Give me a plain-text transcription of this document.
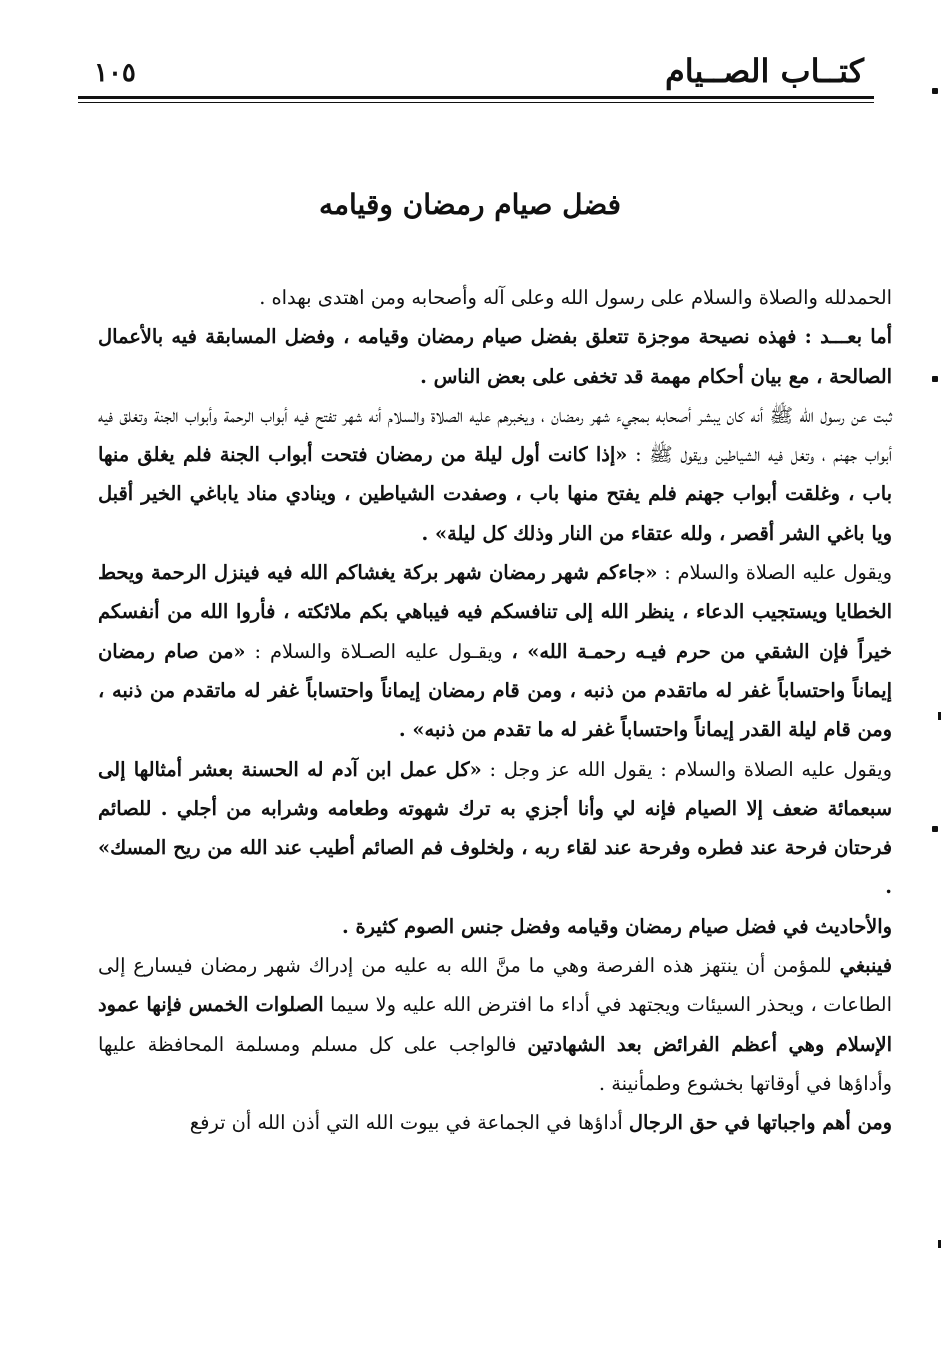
كتــاب الصــيام
١٠٥
فضل صيام رمضان وقيامه

الحمدلله والصلاة والسلام على رسول الله وعلى آله وأصحابه ومن اهتدى بهداه .

أما بعـــد : فهذه نصيحة موجزة تتعلق بفضل صيام رمضان وقيامه ، وفضل المسابقة فيه بالأعمال الصالحة ، مع بيان أحكام مهمة قد تخفى على بعض الناس .

ثبت عن رسول الله ﷺ أنه كان يبشر أصحابه بمجيء شهر رمضان ، ويخبرهم عليه الصلاة والسلام أنه شهر تفتح فيه أبواب الرحمة وأبواب الجنة وتغلق فيه أبواب جهنم ، وتغل فيه الشياطين ويقول ﷺ : «إذا كانت أول ليلة من رمضان فتحت أبواب الجنة فلم يغلق منها باب ، وغلقت أبواب جهنم فلم يفتح منها باب ، وصفدت الشياطين ، وينادي مناد ياباغي الخير أقبل ويا باغي الشر أقصر ، ولله عتقاء من النار وذلك كل ليلة» .

ويقول عليه الصلاة والسلام : «جاءكم شهر رمضان شهر بركة يغشاكم الله فيه فينزل الرحمة ويحط الخطايا ويستجيب الدعاء ، ينظر الله إلى تنافسكم فيه فيباهي بكم ملائكته ، فأروا الله من أنفسكم خيراً فإن الشقي من حرم فيـه رحمـة الله» ، ويقـول عليه الصـلاة والسلام : «من صام رمضان إيماناً واحتساباً غفر له ماتقدم من ذنبه ، ومن قام رمضان إيماناً واحتساباً غفر له ماتقدم من ذنبه ، ومن قام ليلة القدر إيماناً واحتساباً غفر له ما تقدم من ذنبه» .

ويقول عليه الصلاة والسلام : يقول الله عز وجل : «كل عمل ابن آدم له الحسنة بعشر أمثالها إلى سبعمائة ضعف إلا الصيام فإنه لي وأنا أجزي به ترك شهوته وطعامه وشرابه من أجلي . للصائم فرحتان فرحة عند فطره وفرحة عند لقاء ربه ، ولخلوف فم الصائم أطيب عند الله من ريح المسك» .

والأحاديث في فضل صيام رمضان وقيامه وفضل جنس الصوم كثيرة .

فينبغي للمؤمن أن ينتهز هذه الفرصة وهي ما منَّ الله به عليه من إدراك شهر رمضان فيسارع إلى الطاعات ، ويحذر السيئات ويجتهد في أداء ما افترض الله عليه ولا سيما الصلوات الخمس فإنها عمود الإسلام وهي أعظم الفرائض بعد الشهادتين فالواجب على كل مسلم ومسلمة المحافظة عليها وأداؤها في أوقاتها بخشوع وطمأنينة .

ومن أهم واجباتها في حق الرجال أداؤها في الجماعة في بيوت الله التي أذن الله أن ترفع
